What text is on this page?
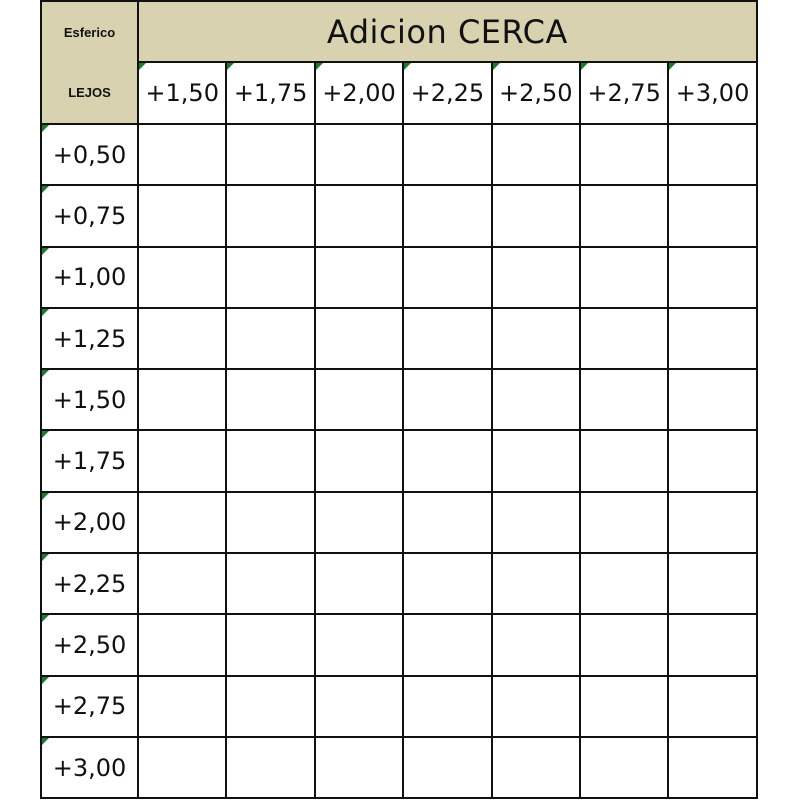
Esferico	Adicion CERCA						

LEJOS	+1,50	+1,75	+2,00	+2,25	+2,50	+2,75	+3,00

+0,50							

+0,75							

+1,00							

+1,25							

+1,50							

+1,75							

+2,00							

+2,25							

+2,50							

+2,75							

+3,00							
